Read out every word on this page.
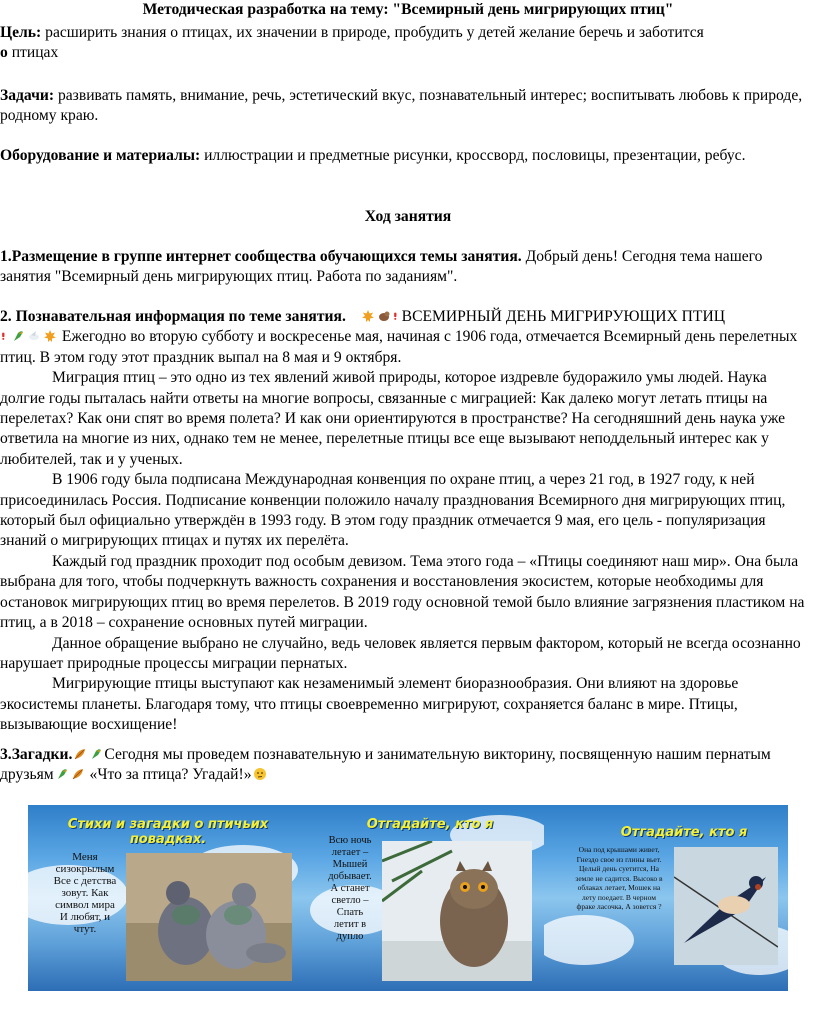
Методическая разработка на тему: "Всемирный день мигрирующих птиц"
Цель: расширить знания о птицах, их значении в природе, пробудить у детей желание беречь и заботится
о птицах
Задачи: развивать память, внимание, речь, эстетический вкус, познавательный интерес; воспитывать любовь к природе, родному краю.
Оборудование и материалы: иллюстрации и предметные рисунки, кроссворд, пословицы, презентации, ребус.
Ход занятия
1.Размещение в группе интернет сообщества обучающихся темы занятия. Добрый день! Сегодня тема нашего занятия "Всемирный день мигрирующих птиц. Работа по заданиям".
2. Познавательная информация по теме занятия.	ВСЕМИРНЫЙ ДЕНЬ МИГРИРУЮЩИХ ПТИЦ
Ежегодно во вторую субботу и воскресенье мая, начиная с 1906 года, отмечается Всемирный день перелетных птиц. В этом году этот праздник выпал на 8 мая и 9 октября.
Миграция птиц – это одно из тех явлений живой природы, которое издревле будоражило умы людей. Наука долгие годы пыталась найти ответы на многие вопросы, связанные с миграцией: Как далеко могут летать птицы на перелетах? Как они спят во время полета? И как они ориентируются в пространстве? На сегодняшний день наука уже ответила на многие из них, однако тем не менее, перелетные птицы все еще вызывают неподдельный интерес как у любителей, так и у ученых.
В 1906 году была подписана Международная конвенция по охране птиц, а через 21 год, в 1927 году, к ней присоединилась Россия. Подписание конвенции положило началу празднования Всемирного дня мигрирующих птиц, который был официально утверждён в 1993 году. В этом году праздник отмечается 9 мая, его цель - популяризация знаний о мигрирующих птицах и путях их перелёта.
Каждый год праздник проходит под особым девизом. Тема этого года – «Птицы соединяют наш мир». Она была выбрана для того, чтобы подчеркнуть важность сохранения и восстановления экосистем, которые необходимы для остановок мигрирующих птиц во время перелетов. В 2019 году основной темой было влияние загрязнения пластиком на птиц, а в 2018 – сохранение основных путей миграции.
Данное обращение выбрано не случайно, ведь человек является первым фактором, который не всегда осознанно нарушает природные процессы миграции пернатых.
Мигрирующие птицы выступают как незаменимый элемент биоразнообразия. Они влияют на здоровье экосистемы планеты. Благодаря тому, что птицы своевременно мигрируют, сохраняется баланс в мире. Птицы, вызывающие восхищение!
3.Загадки. Сегодня мы проведем познавательную и занимательную викторину, посвященную нашим пернатым друзьям «Что за птица? Угадай!»
Стихи и загадки о птичьих повадках.
Меня сизокрылым Все с детства зовут. Как символ мира И любят, и чтут.
Отгадайте, кто я
Всю ночь летает – Мышей добывает. А станет светло – Спать летит в дупло
Отгадайте, кто я
Она под крышами живет, Гнездо свое из глины вьет. Целый день суетится, На земле не садится. Высоко в облаках летает, Мошек на лету поедает. В черном фраке ласочка, А зовется ?
